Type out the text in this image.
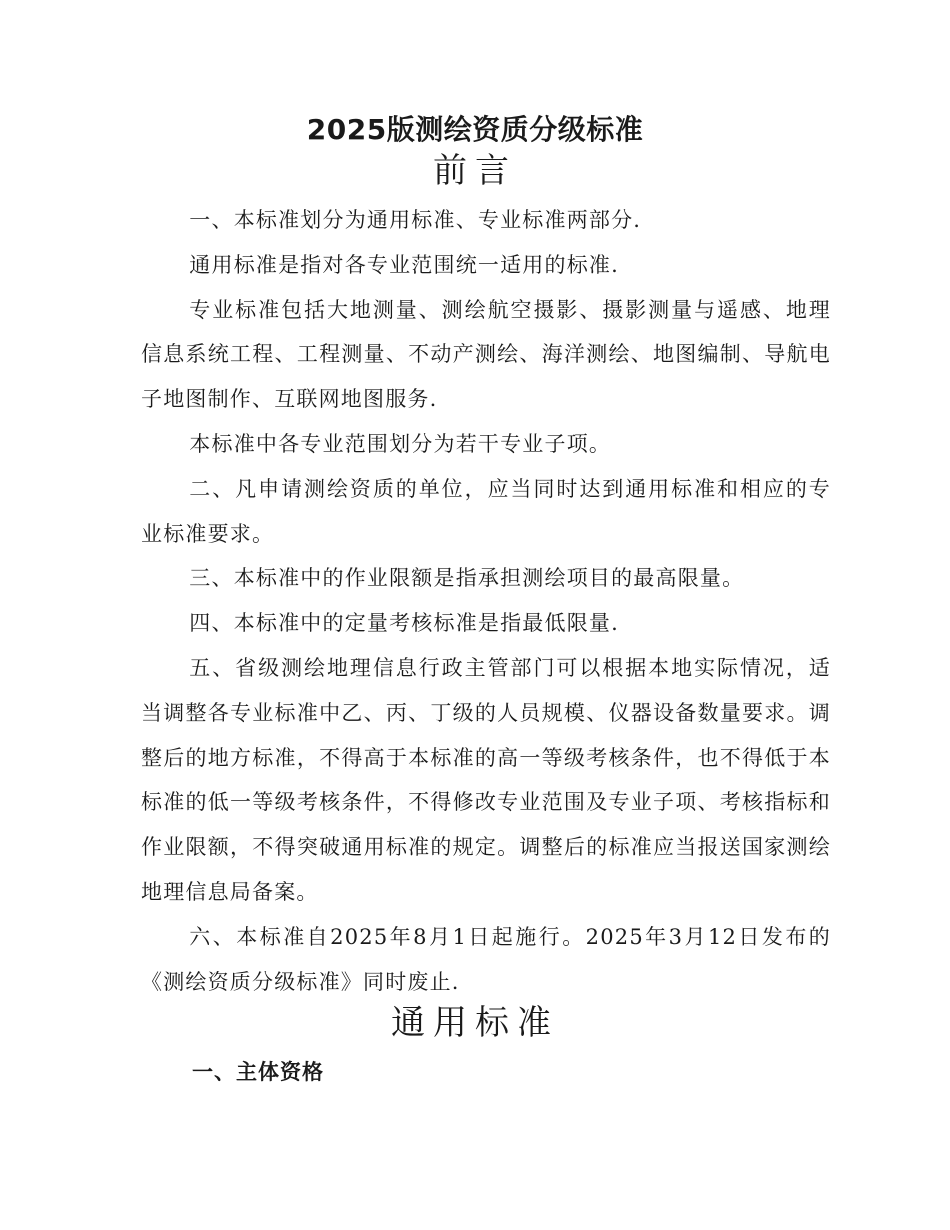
2025版测绘资质分级标准
前言

一、本标准划分为通用标准、专业标准两部分.

通用标准是指对各专业范围统一适用的标准.

专业标准包括大地测量、测绘航空摄影、摄影测量与遥感、地理信息系统工程、工程测量、不动产测绘、海洋测绘、地图编制、导航电子地图制作、互联网地图服务.

本标准中各专业范围划分为若干专业子项。

二、凡申请测绘资质的单位，应当同时达到通用标准和相应的专业标准要求。

三、本标准中的作业限额是指承担测绘项目的最高限量。

四、本标准中的定量考核标准是指最低限量.

五、省级测绘地理信息行政主管部门可以根据本地实际情况，适当调整各专业标准中乙、丙、丁级的人员规模、仪器设备数量要求。调整后的地方标准，不得高于本标准的高一等级考核条件，也不得低于本标准的低一等级考核条件，不得修改专业范围及专业子项、考核指标和作业限额，不得突破通用标准的规定。调整后的标准应当报送国家测绘地理信息局备案。

六、本标准自2025年8月1日起施行。2025年3月12日发布的《测绘资质分级标准》同时废止.

通用标准
一、主体资格
